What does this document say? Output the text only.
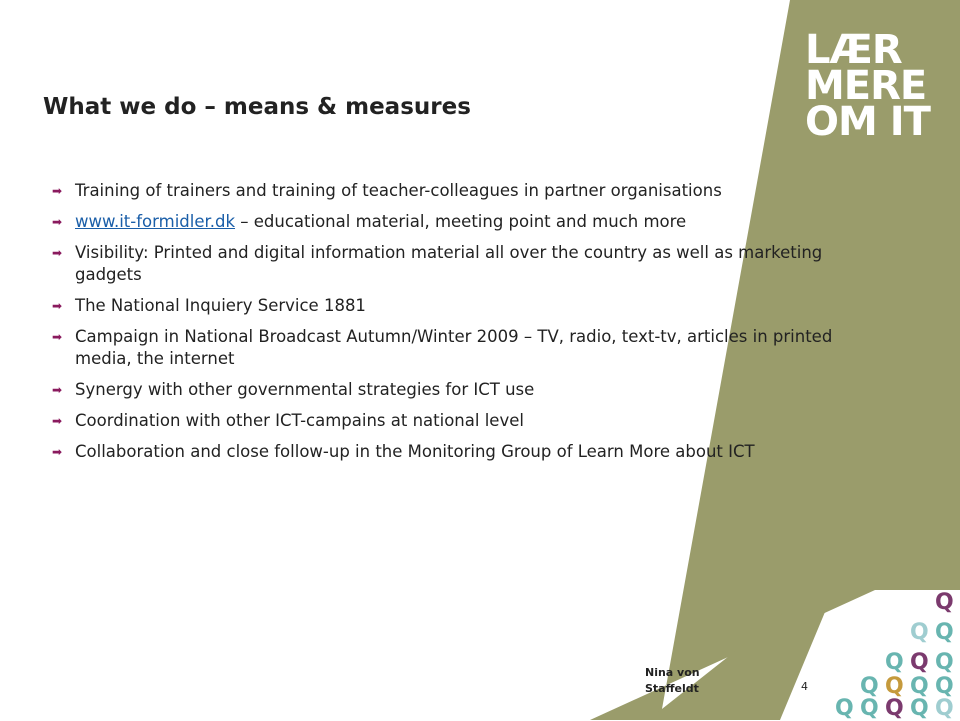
LÆR
MERE
OM IT
What we do – means & measures
➡ Training of trainers and training of teacher-colleagues in partner organisations
➡ www.it-formidler.dk – educational material, meeting point and much more
➡ Visibility: Printed and digital information material all over the country as well as marketing gadgets
➡ The National Inquiery Service 1881
➡ Campaign in National Broadcast Autumn/Winter 2009 – TV, radio, text-tv, articles in printed media, the internet
➡ Synergy with other governmental strategies for ICT use
➡ Coordination with other ICT-campains at national level
➡ Collaboration and close follow-up in the Monitoring Group of Learn More about ICT
Q
Q Q
Q Q Q
Q Q Q Q
Q Q Q Q Q
Nina von
Staffeldt	4
